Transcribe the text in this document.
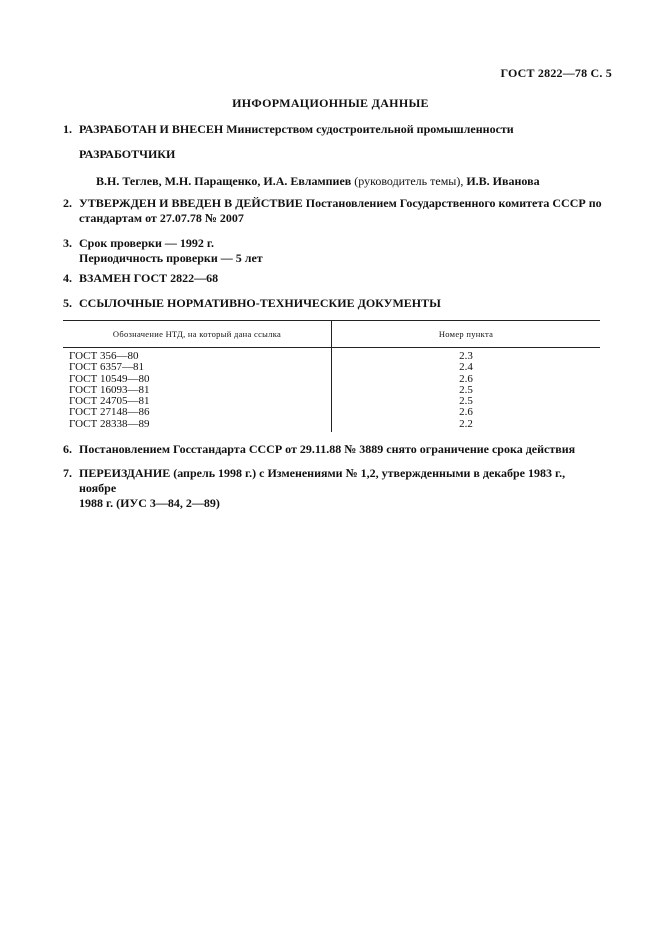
ГОСТ 2822—78 С. 5
ИНФОРМАЦИОННЫЕ ДАННЫЕ
1. РАЗРАБОТАН И ВНЕСЕН Министерством судостроительной промышленности
РАЗРАБОТЧИКИ
В.Н. Теглев, М.Н. Паращенко, И.А. Евлампиев (руководитель темы), И.В. Иванова
2. УТВЕРЖДЕН И ВВЕДЕН В ДЕЙСТВИЕ Постановлением Государственного комитета СССР по
стандартам от 27.07.78 № 2007
3. Срок проверки — 1992 г.
Периодичность проверки — 5 лет
4. ВЗАМЕН ГОСТ 2822—68
5. ССЫЛОЧНЫЕ НОРМАТИВНО-ТЕХНИЧЕСКИЕ ДОКУМЕНТЫ
Обозначение НТД, на который дана ссылка	Номер пункта
ГОСТ 356—80	2.3
ГОСТ 6357—81	2.4
ГОСТ 10549—80	2.6
ГОСТ 16093—81	2.5
ГОСТ 24705—81	2.5
ГОСТ 27148—86	2.6
ГОСТ 28338—89	2.2
6. Постановлением Госстандарта СССР от 29.11.88 № 3889 снято ограничение срока действия
7. ПЕРЕИЗДАНИЕ (апрель 1998 г.) с Изменениями № 1,2, утвержденными в декабре 1983 г., ноябре
1988 г. (ИУС 3—84, 2—89)
